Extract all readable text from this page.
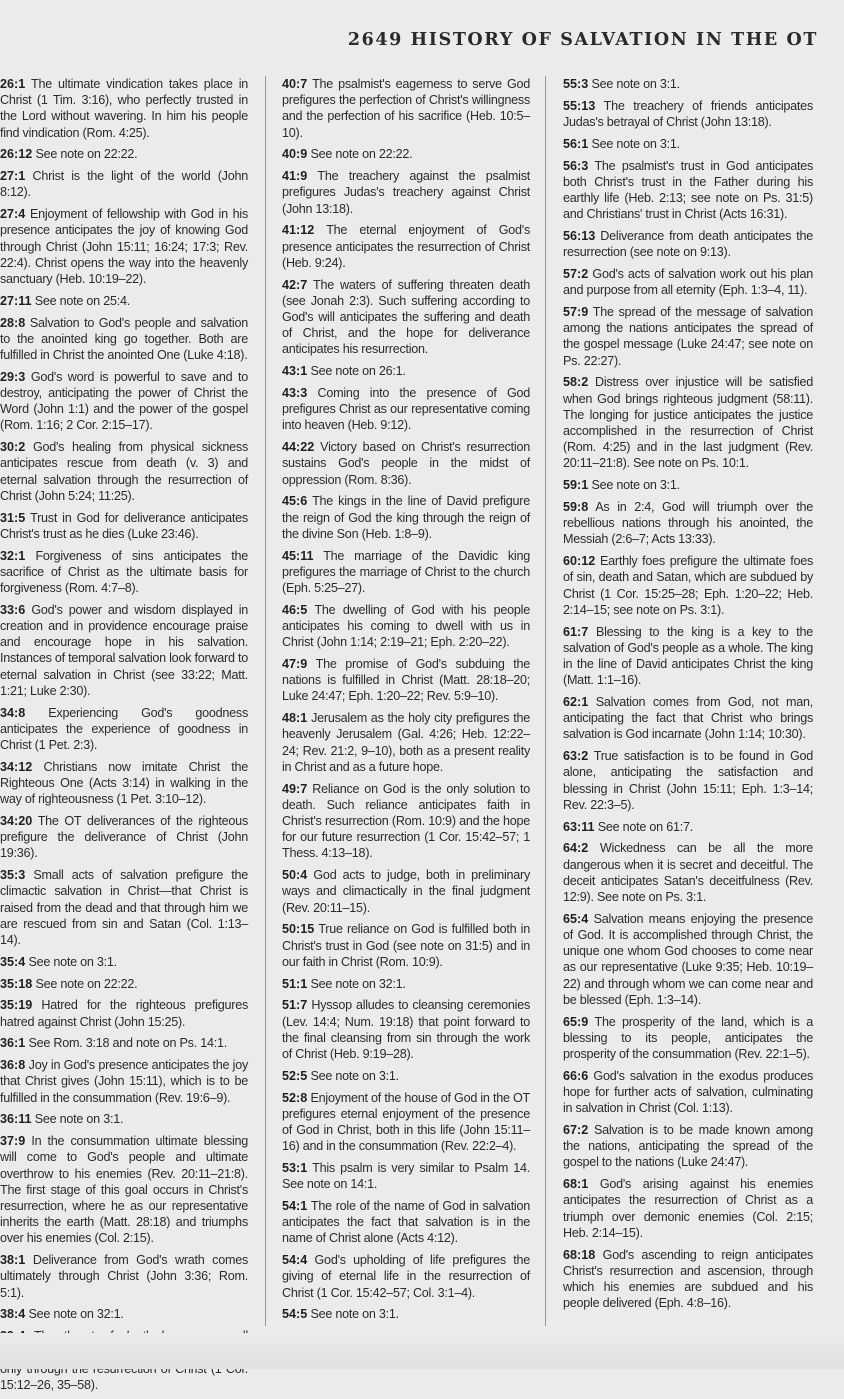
2649 HISTORY OF SALVATION IN THE OT

26:1 The ultimate vindication takes place in Christ (1 Tim. 3:16), who perfectly trusted in the Lord without wavering. In him his people find vindication (Rom. 4:25).

26:12 See note on 22:22.

27:1 Christ is the light of the world (John 8:12).

27:4 Enjoyment of fellowship with God in his presence anticipates the joy of knowing God through Christ (John 15:11; 16:24; 17:3; Rev. 22:4). Christ opens the way into the heavenly sanctuary (Heb. 10:19–22).

27:11 See note on 25:4.

28:8 Salvation to God's people and salvation to the anointed king go together. Both are fulfilled in Christ the anointed One (Luke 4:18).

29:3 God's word is powerful to save and to destroy, anticipating the power of Christ the Word (John 1:1) and the power of the gospel (Rom. 1:16; 2 Cor. 2:15–17).

30:2 God's healing from physical sickness anticipates rescue from death (v. 3) and eternal salvation through the resurrection of Christ (John 5:24; 11:25).

31:5 Trust in God for deliverance anticipates Christ's trust as he dies (Luke 23:46).

32:1 Forgiveness of sins anticipates the sacrifice of Christ as the ultimate basis for forgiveness (Rom. 4:7–8).

33:6 God's power and wisdom displayed in creation and in providence encourage praise and encourage hope in his salvation. Instances of temporal salvation look forward to eternal salvation in Christ (see 33:22; Matt. 1:21; Luke 2:30).

34:8 Experiencing God's goodness anticipates the experience of goodness in Christ (1 Pet. 2:3).

34:12 Christians now imitate Christ the Righteous One (Acts 3:14) in walking in the way of righteousness (1 Pet. 3:10–12).

34:20 The OT deliverances of the righteous prefigure the deliverance of Christ (John 19:36).

35:3 Small acts of salvation prefigure the climactic salvation in Christ—that Christ is raised from the dead and that through him we are rescued from sin and Satan (Col. 1:13–14).

35:4 See note on 3:1.

35:18 See note on 22:22.

35:19 Hatred for the righteous prefigures hatred against Christ (John 15:25).

36:1 See Rom. 3:18 and note on Ps. 14:1.

36:8 Joy in God's presence anticipates the joy that Christ gives (John 15:11), which is to be fulfilled in the consummation (Rev. 19:6–9).

36:11 See note on 3:1.

37:9 In the consummation ultimate blessing will come to God's people and ultimate overthrow to his enemies (Rev. 20:11–21:8). The first stage of this goal occurs in Christ's resurrection, where he as our representative inherits the earth (Matt. 28:18) and triumphs over his enemies (Col. 2:15).

38:1 Deliverance from God's wrath comes ultimately through Christ (John 3:36; Rom. 5:1).

38:4 See note on 32:1.

15:12–26, 35–58).

40:7 The psalmist's eagerness to serve God prefigures the perfection of Christ's willingness and the perfection of his sacrifice (Heb. 10:5–10).

40:9 See note on 22:22.

41:9 The treachery against the psalmist prefigures Judas's treachery against Christ (John 13:18).

41:12 The eternal enjoyment of God's presence anticipates the resurrection of Christ (Heb. 9:24).

42:7 The waters of suffering threaten death (see Jonah 2:3). Such suffering according to God's will anticipates the suffering and death of Christ, and the hope for deliverance anticipates his resurrection.

43:1 See note on 26:1.

43:3 Coming into the presence of God prefigures Christ as our representative coming into heaven (Heb. 9:12).

44:22 Victory based on Christ's resurrection sustains God's people in the midst of oppression (Rom. 8:36).

45:6 The kings in the line of David prefigure the reign of God the king through the reign of the divine Son (Heb. 1:8–9).

45:11 The marriage of the Davidic king prefigures the marriage of Christ to the church (Eph. 5:25–27).

46:5 The dwelling of God with his people anticipates his coming to dwell with us in Christ (John 1:14; 2:19–21; Eph. 2:20–22).

47:9 The promise of God's subduing the nations is fulfilled in Christ (Matt. 28:18–20; Luke 24:47; Eph. 1:20–22; Rev. 5:9–10).

48:1 Jerusalem as the holy city prefigures the heavenly Jerusalem (Gal. 4:26; Heb. 12:22–24; Rev. 21:2, 9–10), both as a present reality in Christ and as a future hope.

49:7 Reliance on God is the only solution to death. Such reliance anticipates faith in Christ's resurrection (Rom. 10:9) and the hope for our future resurrection (1 Cor. 15:42–57; 1 Thess. 4:13–18).

50:4 God acts to judge, both in preliminary ways and climactically in the final judgment (Rev. 20:11–15).

50:15 True reliance on God is fulfilled both in Christ's trust in God (see note on 31:5) and in our faith in Christ (Rom. 10:9).

51:1 See note on 32:1.

51:7 Hyssop alludes to cleansing ceremonies (Lev. 14:4; Num. 19:18) that point forward to the final cleansing from sin through the work of Christ (Heb. 9:19–28).

52:5 See note on 3:1.

52:8 Enjoyment of the house of God in the OT prefigures eternal enjoyment of the presence of God in Christ, both in this life (John 15:11–16) and in the consummation (Rev. 22:2–4).

53:1 This psalm is very similar to Psalm 14. See note on 14:1.

54:1 The role of the name of God in salvation anticipates the fact that salvation is in the name of Christ alone (Acts 4:12).

54:4 God's upholding of life prefigures the giving of eternal life in the resurrection of Christ (1 Cor. 15:42–57; Col. 3:1–4).

54:5 See note on 3:1.

55:3 See note on 3:1.

55:13 The treachery of friends anticipates Judas's betrayal of Christ (John 13:18).

56:1 See note on 3:1.

56:3 The psalmist's trust in God anticipates both Christ's trust in the Father during his earthly life (Heb. 2:13; see note on Ps. 31:5) and Christians' trust in Christ (Acts 16:31).

56:13 Deliverance from death anticipates the resurrection (see note on 9:13).

57:2 God's acts of salvation work out his plan and purpose from all eternity (Eph. 1:3–4, 11).

57:9 The spread of the message of salvation among the nations anticipates the spread of the gospel message (Luke 24:47; see note on Ps. 22:27).

58:2 Distress over injustice will be satisfied when God brings righteous judgment (58:11). The longing for justice anticipates the justice accomplished in the resurrection of Christ (Rom. 4:25) and in the last judgment (Rev. 20:11–21:8). See note on Ps. 10:1.

59:1 See note on 3:1.

59:8 As in 2:4, God will triumph over the rebellious nations through his anointed, the Messiah (2:6–7; Acts 13:33).

60:12 Earthly foes prefigure the ultimate foes of sin, death and Satan, which are subdued by Christ (1 Cor. 15:25–28; Eph. 1:20–22; Heb. 2:14–15; see note on Ps. 3:1).

61:7 Blessing to the king is a key to the salvation of God's people as a whole. The king in the line of David anticipates Christ the king (Matt. 1:1–16).

62:1 Salvation comes from God, not man, anticipating the fact that Christ who brings salvation is God incarnate (John 1:14; 10:30).

63:2 True satisfaction is to be found in God alone, anticipating the satisfaction and blessing in Christ (John 15:11; Eph. 1:3–14; Rev. 22:3–5).

63:11 See note on 61:7.

64:2 Wickedness can be all the more dangerous when it is secret and deceitful. The deceit anticipates Satan's deceitfulness (Rev. 12:9). See note on Ps. 3:1.

65:4 Salvation means enjoying the presence of God. It is accomplished through Christ, the unique one whom God chooses to come near as our representative (Luke 9:35; Heb. 10:19–22) and through whom we can come near and be blessed (Eph. 1:3–14).

65:9 The prosperity of the land, which is a blessing to its people, anticipates the prosperity of the consummation (Rev. 22:1–5).

66:6 God's salvation in the exodus produces hope for further acts of salvation, culminating in salvation in Christ (Col. 1:13).

67:2 Salvation is to be made known among the nations, anticipating the spread of the gospel to the nations (Luke 24:47).

68:1 God's arising against his enemies anticipates the resurrection of Christ as a triumph over demonic enemies (Col. 2:15; Heb. 2:14–15).

68:18 God's ascending to reign anticipates Christ's resurrection and ascension, through which his enemies are subdued and his people delivered (Eph. 4:8–16).
